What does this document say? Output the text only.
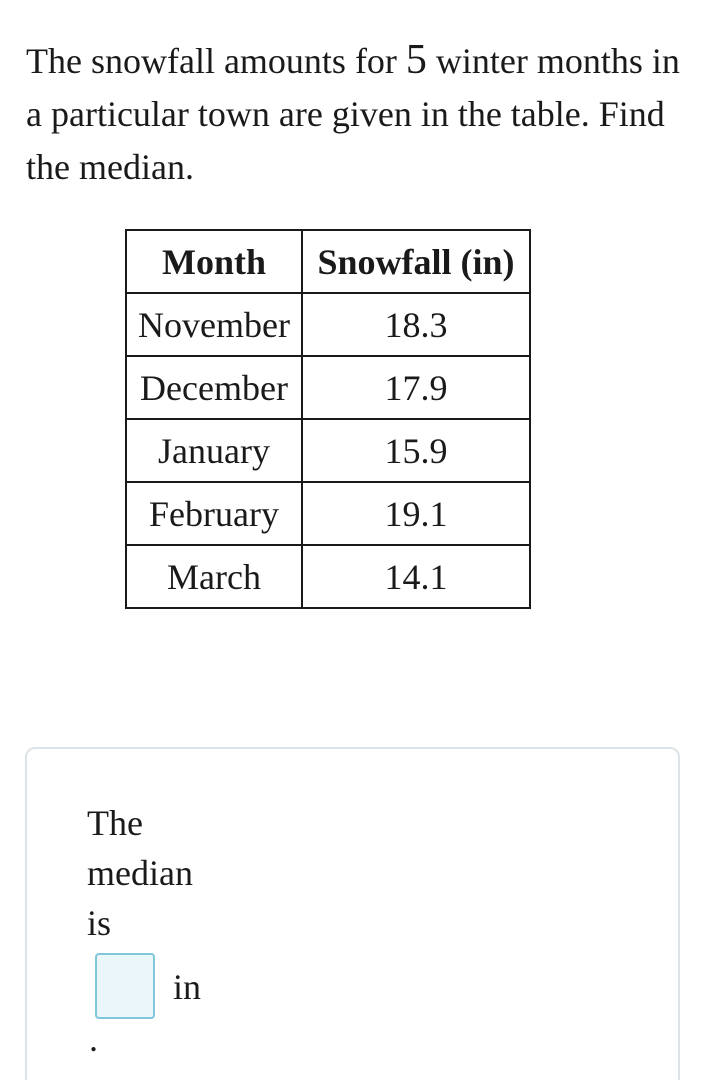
The snowfall amounts for 5 winter months in a particular town are given in the table. Find the median.

Month	Snowfall (in)
November	18.3
December	17.9
January	15.9
February	19.1
March	14.1
The
median
is
in
.
